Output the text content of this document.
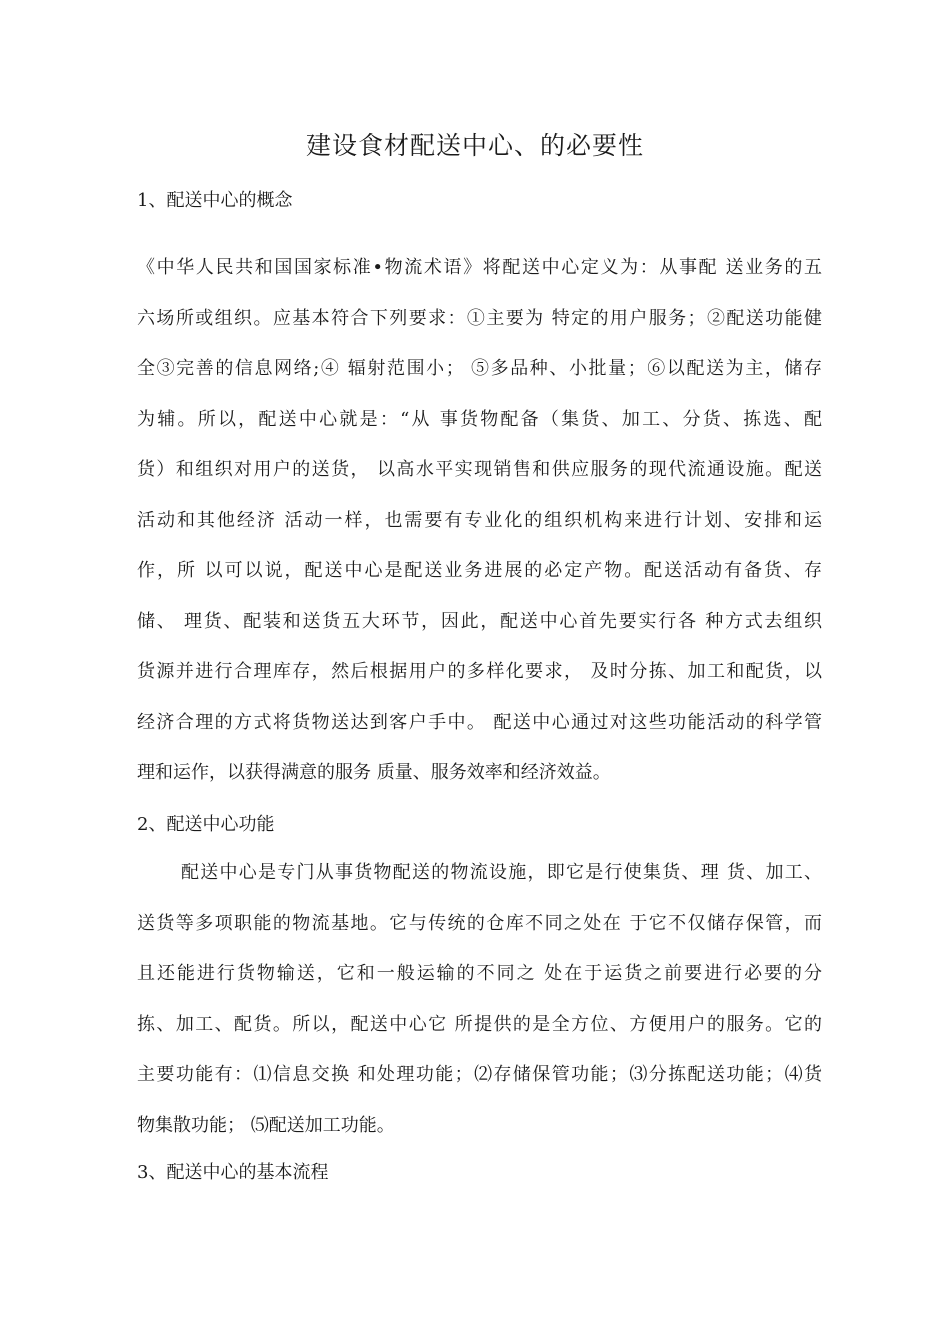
建设食材配送中心、的必要性
1、配送中心的概念
《中华人民共和国国家标准•物流术语》将配送中心定义为：从事配 送业务的五
六场所或组织。应基本符合下列要求：①主要为 特定的用户服务；②配送功能健
全③完善的信息网络;④ 辐射范围小； ⑤多品种、小批量；⑥以配送为主，储存
为辅。所以，配送中心就是：“从 事货物配备（集货、加工、分货、拣选、配
货）和组织对用户的送货， 以高水平实现销售和供应服务的现代流通设施。配送
活动和其他经济 活动一样，也需要有专业化的组织机构来进行计划、安排和运
作，所 以可以说，配送中心是配送业务进展的必定产物。配送活动有备货、存
储、 理货、配装和送货五大环节，因此，配送中心首先要实行各 种方式去组织
货源并进行合理库存，然后根据用户的多样化要求， 及时分拣、加工和配货，以
经济合理的方式将货物送达到客户手中。 配送中心通过对这些功能活动的科学管
理和运作，以获得满意的服务 质量、服务效率和经济效益。
2、配送中心功能
配送中心是专门从事货物配送的物流设施，即它是行使集货、理 货、加工、
送货等多项职能的物流基地。它与传统的仓库不同之处在 于它不仅储存保管，而
且还能进行货物输送，它和一般运输的不同之 处在于运货之前要进行必要的分
拣、加工、配货。所以，配送中心它 所提供的是全方位、方便用户的服务。它的
主要功能有：⑴信息交换 和处理功能；⑵存储保管功能；⑶分拣配送功能；⑷货
物集散功能； ⑸配送加工功能。
3、配送中心的基本流程
